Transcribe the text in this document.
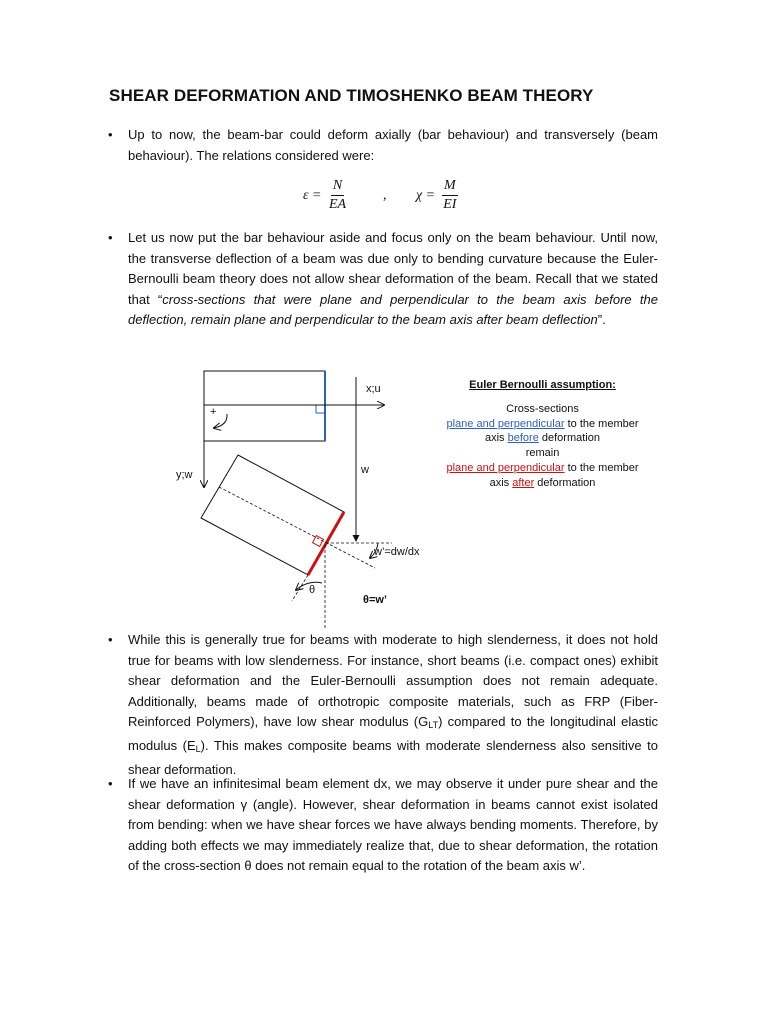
SHEAR DEFORMATION AND TIMOSHENKO BEAM THEORY
• Up to now, the beam-bar could deform axially (bar behaviour) and transversely (beam behaviour). The relations considered were:
$\varepsilon = \frac{N}{EA}$	, $\chi = \frac{M}{EI}$
• Let us now put the bar behaviour aside and focus only on the beam behaviour. Until now, the transverse deflection of a beam was due only to bending curvature because the Euler-Bernoulli beam theory does not allow shear deformation of the beam. Recall that we stated that “cross-sections that were plane and perpendicular to the beam axis before the deflection, remain plane and perpendicular to the beam axis after beam deflection”.
x;u
y;w	w
w’=dw/dx
θ
θ=w’
+
Euler Bernoulli assumption:
Cross-sections
plane and perpendicular to the member
axis before deformation
remain
plane and perpendicular to the member
axis after deformation
• While this is generally true for beams with moderate to high slenderness, it does not hold true for beams with low slenderness. For instance, short beams (i.e. compact ones) exhibit shear deformation and the Euler-Bernoulli assumption does not remain adequate. Additionally, beams made of orthotropic composite materials, such as FRP (Fiber-Reinforced Polymers), have low shear modulus $(G_{LT})$ compared to the longitudinal elastic modulus $(E_L)$. This makes composite beams with moderate slenderness also sensitive to shear deformation.
• If we have an infinitesimal beam element dx, we may observe it under pure shear and the shear deformation γ (angle). However, shear deformation in beams cannot exist isolated from bending: when we have shear forces we have always bending moments. Therefore, by adding both effects we may immediately realize that, due to shear deformation, the rotation of the cross-section θ does not remain equal to the rotation of the beam axis w’.
